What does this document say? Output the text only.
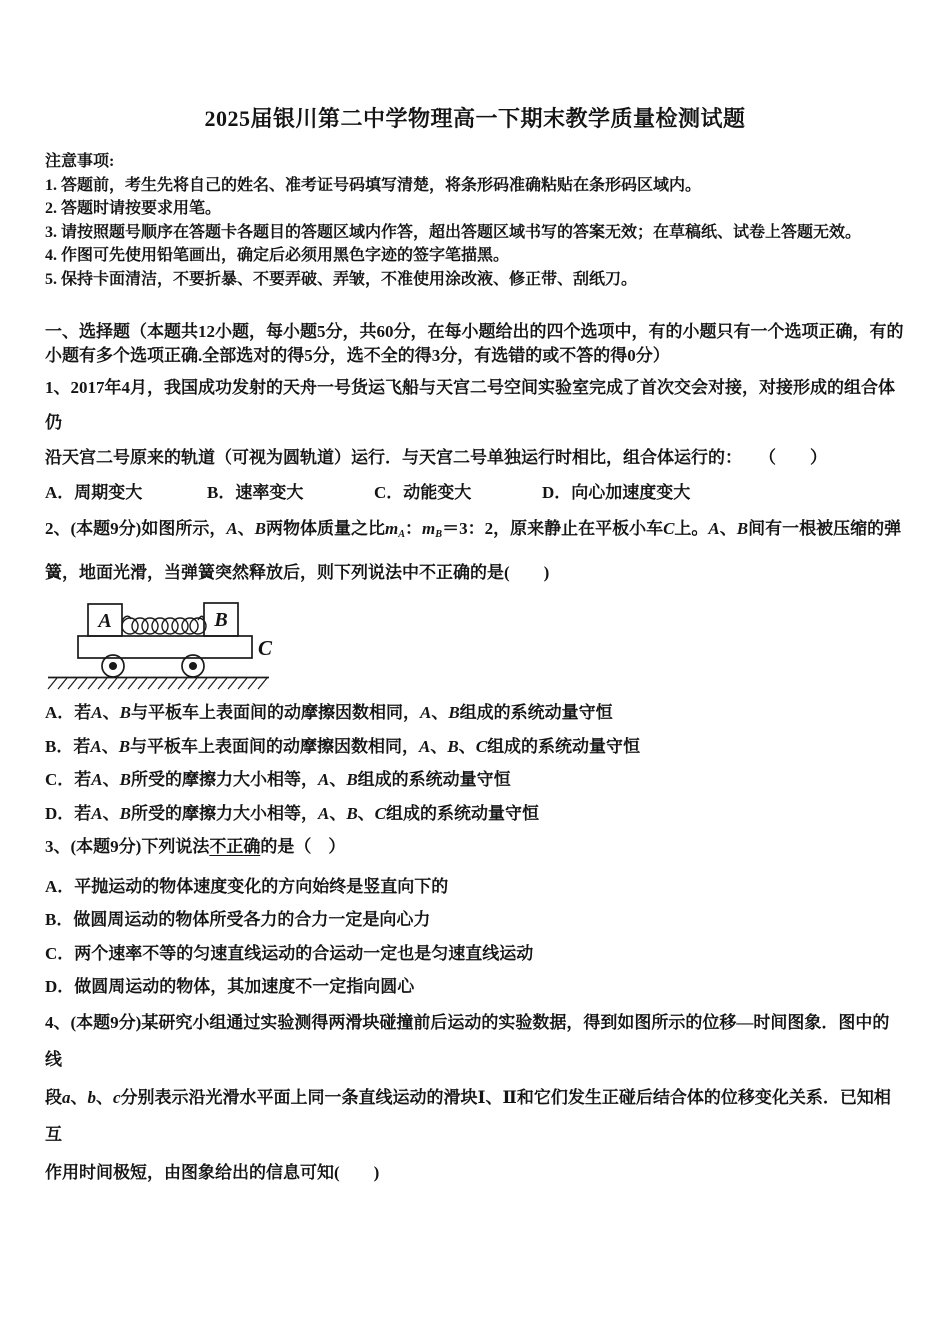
2025届银川第二中学物理高一下期末教学质量检测试题
注意事项:
1. 答题前，考生先将自己的姓名、准考证号码填写清楚，将条形码准确粘贴在条形码区域内。
2. 答题时请按要求用笔。
3. 请按照题号顺序在答题卡各题目的答题区域内作答，超出答题区域书写的答案无效；在草稿纸、试卷上答题无效。
4. 作图可先使用铅笔画出，确定后必须用黑色字迹的签字笔描黑。
5. 保持卡面清洁，不要折暴、不要弄破、弄皱，不准使用涂改液、修正带、刮纸刀。
一、选择题（本题共12小题，每小题5分，共60分，在每小题给出的四个选项中，有的小题只有一个选项正确，有的
小题有多个选项正确.全部选对的得5分，选不全的得3分，有选错的或不答的得0分）
1、2017年4月，我国成功发射的天舟一号货运飞船与天宫二号空间实验室完成了首次交会对接，对接形成的组合体仍
沿天宫二号原来的轨道（可视为圆轨道）运行．与天宫二号单独运行时相比，组合体运行的：　　（　　）
A．周期变大	B．速率变大	C．动能变大	D．向心加速度变大
2、(本题9分)如图所示，A、B两物体质量之比mA：mB＝3：2，原来静止在平板小车C上。A、B间有一根被压缩的弹
簧，地面光滑，当弹簧突然释放后，则下列说法中不正确的是(　　)
A	B
C
A．若A、B与平板车上表面间的动摩擦因数相同，A、B组成的系统动量守恒
B．若A、B与平板车上表面间的动摩擦因数相同，A、B、C组成的系统动量守恒
C．若A、B所受的摩擦力大小相等，A、B组成的系统动量守恒
D．若A、B所受的摩擦力大小相等，A、B、C组成的系统动量守恒
3、(本题9分)下列说法不正确的是（　）
A．平抛运动的物体速度变化的方向始终是竖直向下的
B．做圆周运动的物体所受各力的合力一定是向心力
C．两个速率不等的匀速直线运动的合运动一定也是匀速直线运动
D．做圆周运动的物体，其加速度不一定指向圆心
4、(本题9分)某研究小组通过实验测得两滑块碰撞前后运动的实验数据，得到如图所示的位移—时间图象．图中的线
段a、b、c分别表示沿光滑水平面上同一条直线运动的滑块Ⅰ、Ⅱ和它们发生正碰后结合体的位移变化关系．已知相互
作用时间极短，由图象给出的信息可知(　　)
